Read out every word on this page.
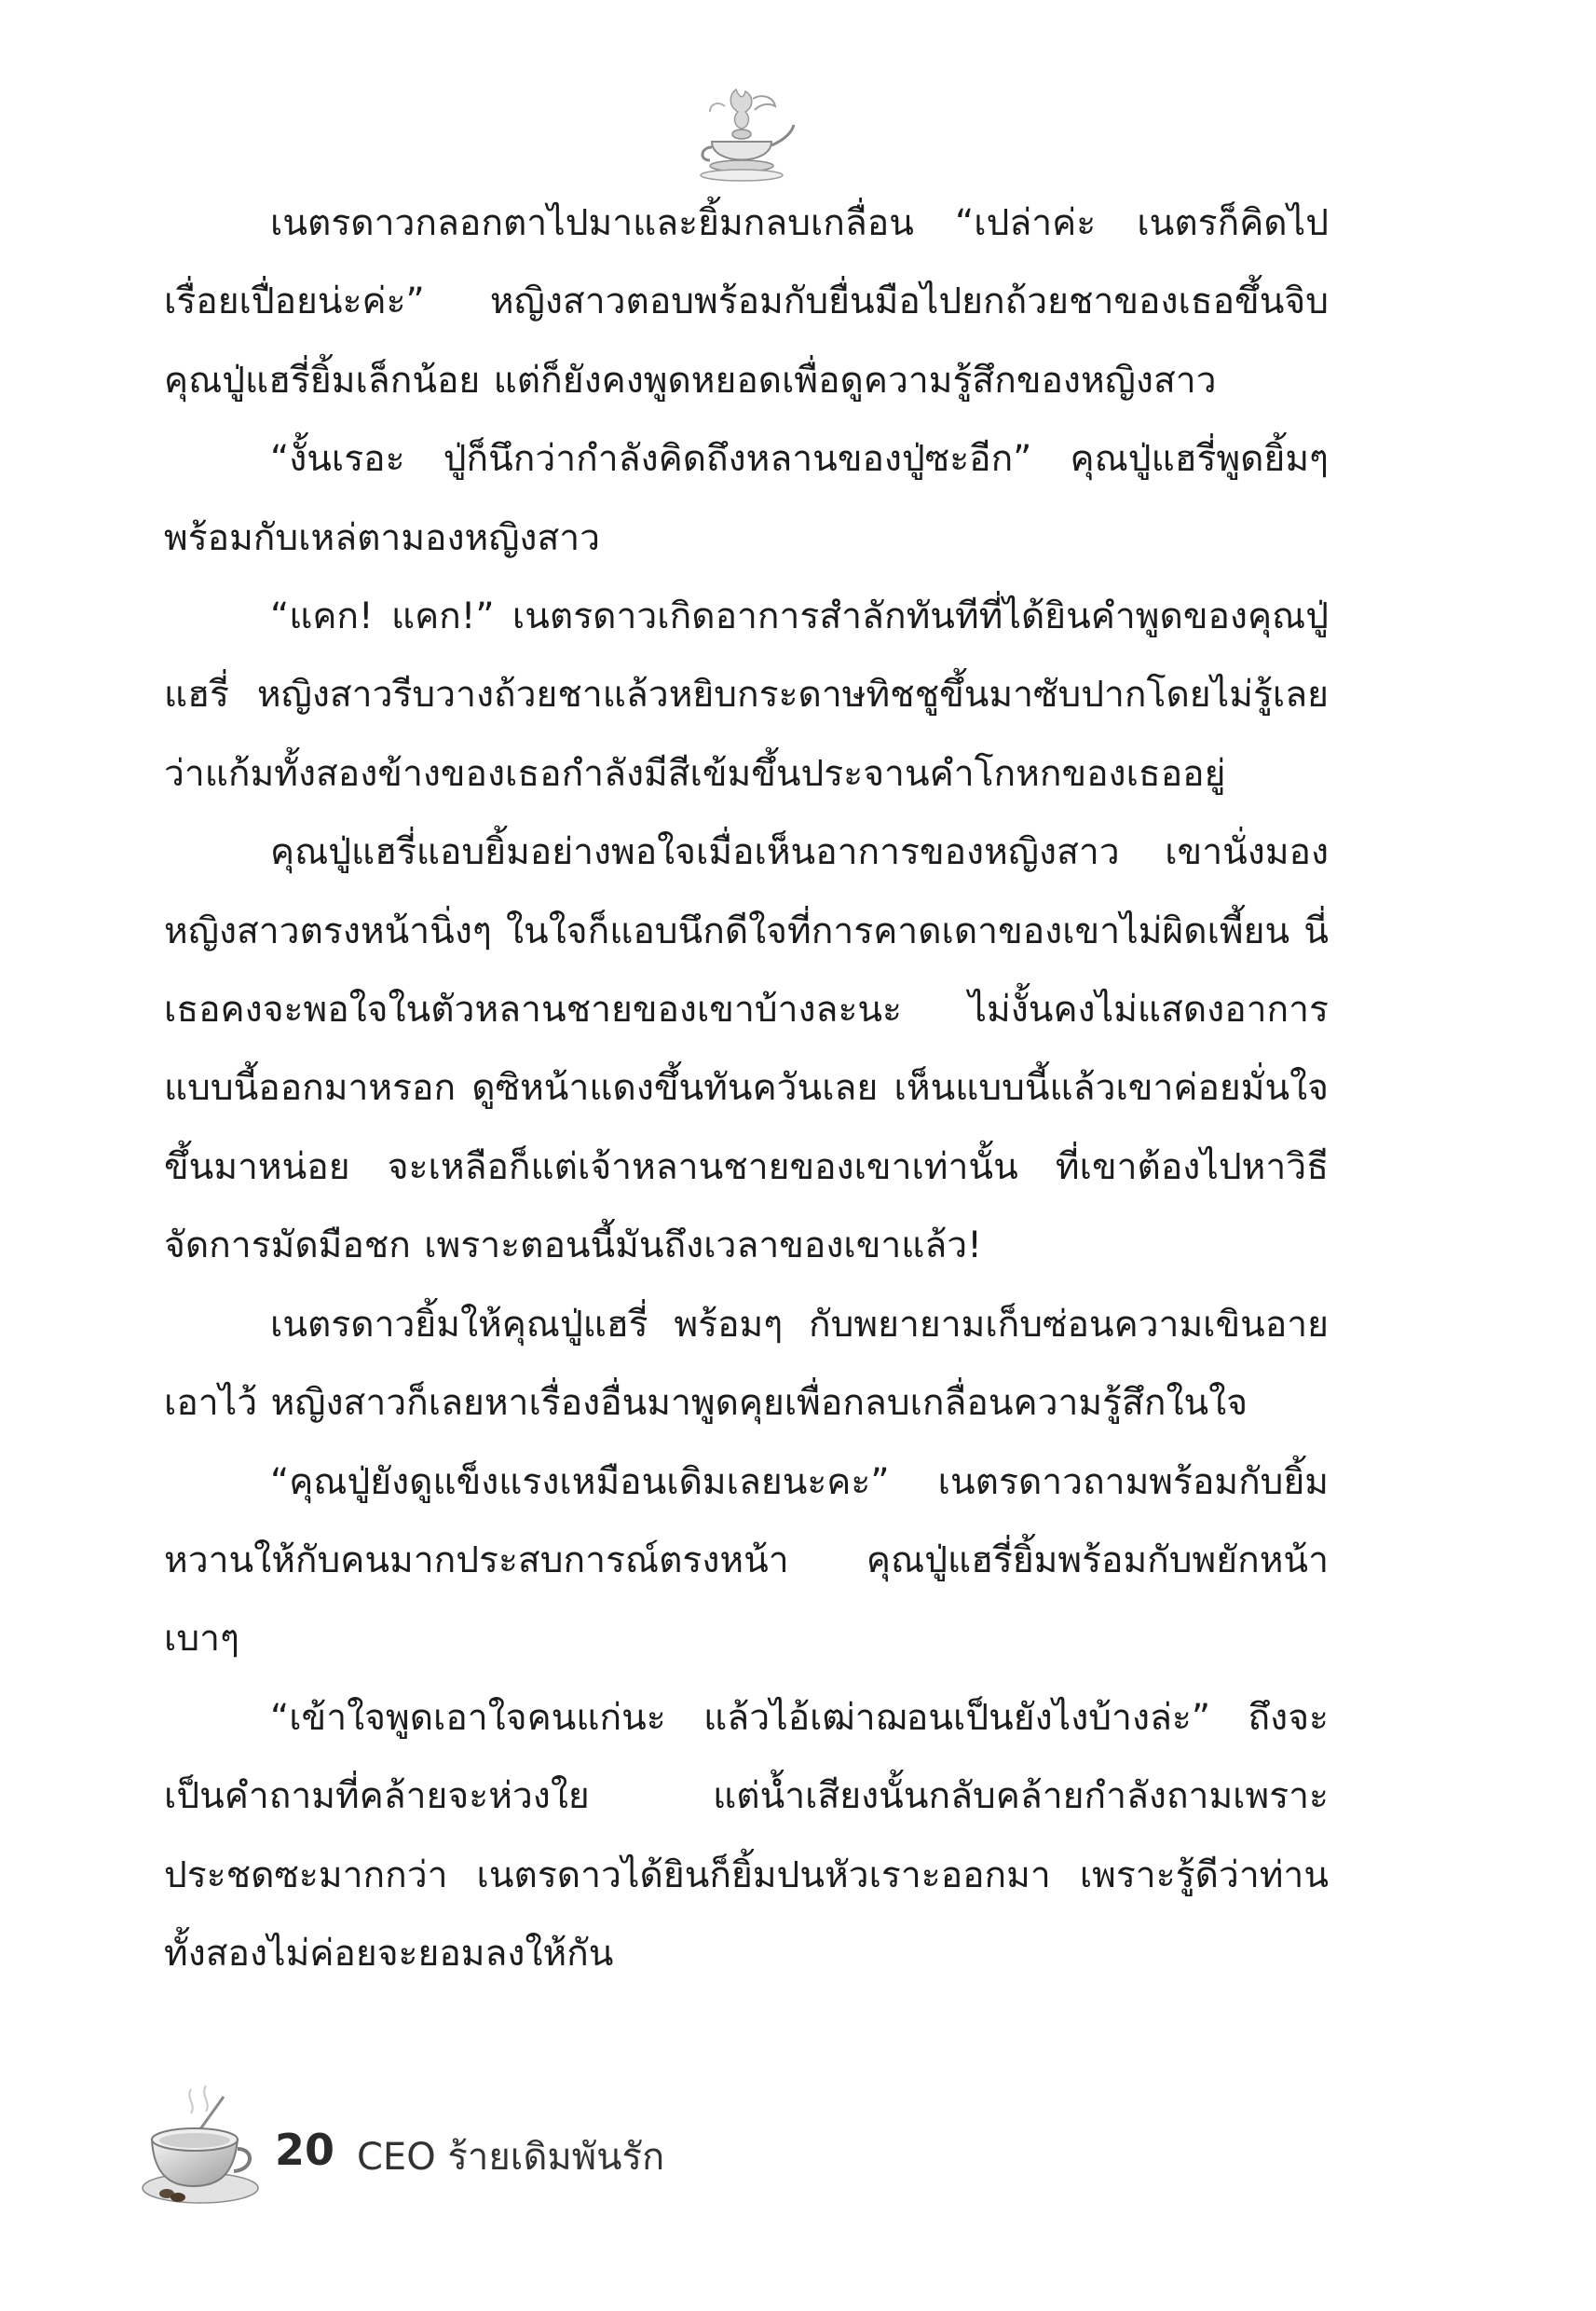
เนตรดาวกลอกตาไปมาและยิ้มกลบเกลื่อน “เปล่าค่ะ เนตรก็คิดไปเรื่อยเปื่อยน่ะค่ะ” หญิงสาวตอบพร้อมกับยื่นมือไปยกถ้วยชาของเธอขึ้นจิบ คุณปู่แฮรี่ยิ้มเล็กน้อย แต่ก็ยังคงพูดหยอดเพื่อดูความรู้สึกของหญิงสาว

“งั้นเรอะ ปู่ก็นึกว่ากำลังคิดถึงหลานของปู่ซะอีก” คุณปู่แฮรี่พูดยิ้มๆ พร้อมกับเหล่ตามองหญิงสาว

“แคก! แคก!” เนตรดาวเกิดอาการสำลักทันทีที่ได้ยินคำพูดของคุณปู่แฮรี่ หญิงสาวรีบวางถ้วยชาแล้วหยิบกระดาษทิชชูขึ้นมาซับปากโดยไม่รู้เลยว่าแก้มทั้งสองข้างของเธอกำลังมีสีเข้มขึ้นประจานคำโกหกของเธออยู่

คุณปู่แฮรี่แอบยิ้มอย่างพอใจเมื่อเห็นอาการของหญิงสาว เขานั่งมองหญิงสาวตรงหน้านิ่งๆ ในใจก็แอบนึกดีใจที่การคาดเดาของเขาไม่ผิดเพี้ยน นี่เธอคงจะพอใจในตัวหลานชายของเขาบ้างละนะ ไม่งั้นคงไม่แสดงอาการแบบนี้ออกมาหรอก ดูซิหน้าแดงขึ้นทันควันเลย เห็นแบบนี้แล้วเขาค่อยมั่นใจขึ้นมาหน่อย จะเหลือก็แต่เจ้าหลานชายของเขาเท่านั้น ที่เขาต้องไปหาวิธีจัดการมัดมือชก เพราะตอนนี้มันถึงเวลาของเขาแล้ว!

เนตรดาวยิ้มให้คุณปู่แฮรี่ พร้อมๆ กับพยายามเก็บซ่อนความเขินอายเอาไว้ หญิงสาวก็เลยหาเรื่องอื่นมาพูดคุยเพื่อกลบเกลื่อนความรู้สึกในใจ

“คุณปู่ยังดูแข็งแรงเหมือนเดิมเลยนะคะ” เนตรดาวถามพร้อมกับยิ้มหวานให้กับคนมากประสบการณ์ตรงหน้า คุณปู่แฮรี่ยิ้มพร้อมกับพยักหน้าเบาๆ

“เข้าใจพูดเอาใจคนแก่นะ แล้วไอ้เฒ่าฌอนเป็นยังไงบ้างล่ะ” ถึงจะเป็นคำถามที่คล้ายจะห่วงใย แต่น้ำเสียงนั้นกลับคล้ายกำลังถามเพราะประชดซะมากกว่า เนตรดาวได้ยินก็ยิ้มปนหัวเราะออกมา เพราะรู้ดีว่าท่านทั้งสองไม่ค่อยจะยอมลงให้กัน

20 CEO ร้ายเดิมพันรัก
